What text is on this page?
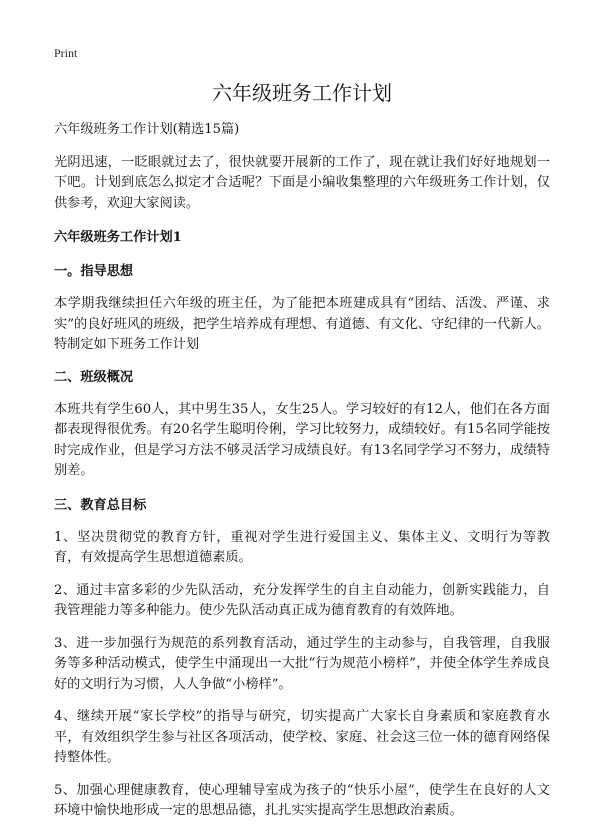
Print
六年级班务工作计划

六年级班务工作计划(精选15篇)

光阴迅速，一眨眼就过去了，很快就要开展新的工作了，现在就让我们好好地规划一下吧。计划到底怎么拟定才合适呢？下面是小编收集整理的六年级班务工作计划，仅供参考，欢迎大家阅读。

六年级班务工作计划1

一。指导思想

本学期我继续担任六年级的班主任，为了能把本班建成具有“团结、活泼、严谨、求实”的良好班风的班级，把学生培养成有理想、有道德、有文化、守纪律的一代新人。特制定如下班务工作计划

二、班级概况

本班共有学生60人，其中男生35人，女生25人。学习较好的有12人，他们在各方面都表现得很优秀。有20名学生聪明伶俐，学习比较努力，成绩较好。有15名同学能按时完成作业，但是学习方法不够灵活学习成绩良好。有13名同学学习不努力，成绩特别差。

三、教育总目标

1、坚决贯彻党的教育方针，重视对学生进行爱国主义、集体主义、文明行为等教育，有效提高学生思想道德素质。

2、通过丰富多彩的少先队活动，充分发挥学生的自主自动能力，创新实践能力，自我管理能力等多种能力。使少先队活动真正成为德育教育的有效阵地。

3、进一步加强行为规范的系列教育活动，通过学生的主动参与，自我管理，自我服务等多种活动模式，使学生中涌现出一大批“行为规范小榜样”，并使全体学生养成良好的文明行为习惯，人人争做“小榜样”。

4、继续开展“家长学校”的指导与研究，切实提高广大家长自身素质和家庭教育水平，有效组织学生参与社区各项活动，使学校、家庭、社会这三位一体的德育网络保持整体性。

5、加强心理健康教育，使心理辅导室成为孩子的“快乐小屋”，使学生在良好的人文环境中愉快地形成一定的思想品德，扎扎实实提高学生思想政治素质。
